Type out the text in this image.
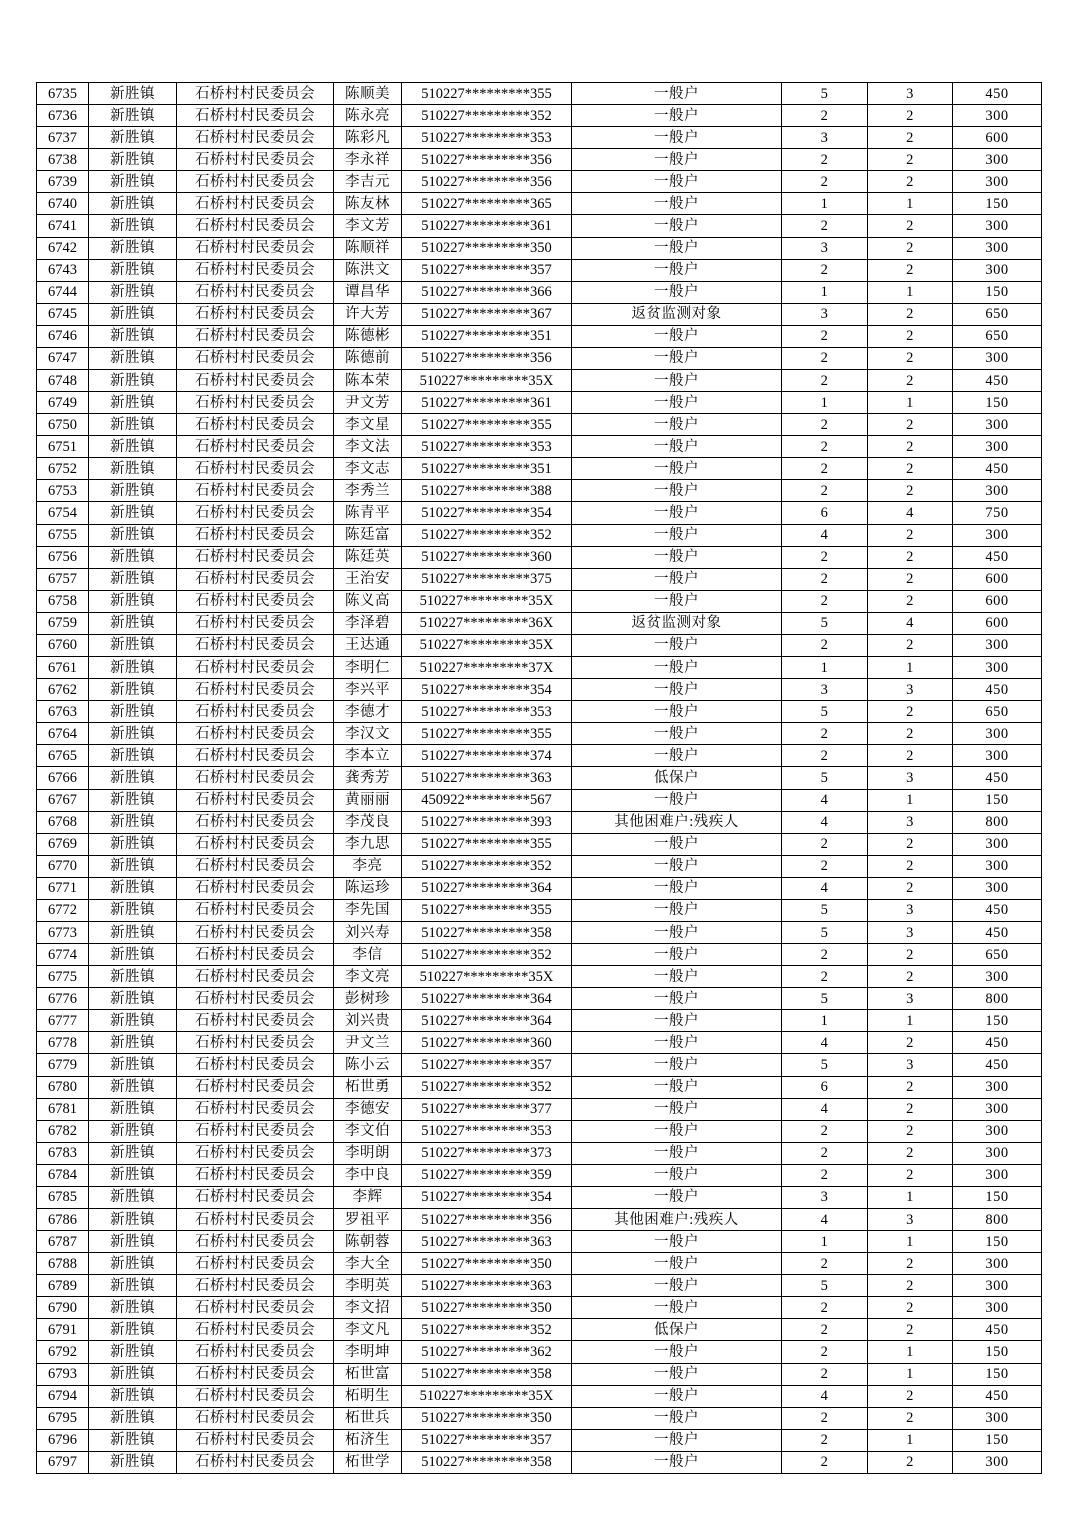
6735	新胜镇	石桥村村民委员会	陈顺美	510227*********355	一般户	5	3	450
6736	新胜镇	石桥村村民委员会	陈永亮	510227*********352	一般户	2	2	300
6737	新胜镇	石桥村村民委员会	陈彩凡	510227*********353	一般户	3	2	600
6738	新胜镇	石桥村村民委员会	李永祥	510227*********356	一般户	2	2	300
6739	新胜镇	石桥村村民委员会	李吉元	510227*********356	一般户	2	2	300
6740	新胜镇	石桥村村民委员会	陈友林	510227*********365	一般户	1	1	150
6741	新胜镇	石桥村村民委员会	李文芳	510227*********361	一般户	2	2	300
6742	新胜镇	石桥村村民委员会	陈顺祥	510227*********350	一般户	3	2	300
6743	新胜镇	石桥村村民委员会	陈洪文	510227*********357	一般户	2	2	300
6744	新胜镇	石桥村村民委员会	谭昌华	510227*********366	一般户	1	1	150
6745	新胜镇	石桥村村民委员会	许大芳	510227*********367	返贫监测对象	3	2	650
6746	新胜镇	石桥村村民委员会	陈德彬	510227*********351	一般户	2	2	650
6747	新胜镇	石桥村村民委员会	陈德前	510227*********356	一般户	2	2	300
6748	新胜镇	石桥村村民委员会	陈本荣	510227*********35X	一般户	2	2	450
6749	新胜镇	石桥村村民委员会	尹文芳	510227*********361	一般户	1	1	150
6750	新胜镇	石桥村村民委员会	李文星	510227*********355	一般户	2	2	300
6751	新胜镇	石桥村村民委员会	李文法	510227*********353	一般户	2	2	300
6752	新胜镇	石桥村村民委员会	李文志	510227*********351	一般户	2	2	450
6753	新胜镇	石桥村村民委员会	李秀兰	510227*********388	一般户	2	2	300
6754	新胜镇	石桥村村民委员会	陈青平	510227*********354	一般户	6	4	750
6755	新胜镇	石桥村村民委员会	陈廷富	510227*********352	一般户	4	2	300
6756	新胜镇	石桥村村民委员会	陈廷英	510227*********360	一般户	2	2	450
6757	新胜镇	石桥村村民委员会	王治安	510227*********375	一般户	2	2	600
6758	新胜镇	石桥村村民委员会	陈义高	510227*********35X	一般户	2	2	600
6759	新胜镇	石桥村村民委员会	李泽碧	510227*********36X	返贫监测对象	5	4	600
6760	新胜镇	石桥村村民委员会	王达通	510227*********35X	一般户	2	2	300
6761	新胜镇	石桥村村民委员会	李明仁	510227*********37X	一般户	1	1	300
6762	新胜镇	石桥村村民委员会	李兴平	510227*********354	一般户	3	3	450
6763	新胜镇	石桥村村民委员会	李德才	510227*********353	一般户	5	2	650
6764	新胜镇	石桥村村民委员会	李汉文	510227*********355	一般户	2	2	300
6765	新胜镇	石桥村村民委员会	李本立	510227*********374	一般户	2	2	300
6766	新胜镇	石桥村村民委员会	龚秀芳	510227*********363	低保户	5	3	450
6767	新胜镇	石桥村村民委员会	黄丽丽	450922*********567	一般户	4	1	150
6768	新胜镇	石桥村村民委员会	李茂良	510227*********393	其他困难户:残疾人	4	3	800
6769	新胜镇	石桥村村民委员会	李九思	510227*********355	一般户	2	2	300
6770	新胜镇	石桥村村民委员会	李亮	510227*********352	一般户	2	2	300
6771	新胜镇	石桥村村民委员会	陈运珍	510227*********364	一般户	4	2	300
6772	新胜镇	石桥村村民委员会	李先国	510227*********355	一般户	5	3	450
6773	新胜镇	石桥村村民委员会	刘兴寿	510227*********358	一般户	5	3	450
6774	新胜镇	石桥村村民委员会	李信	510227*********352	一般户	2	2	650
6775	新胜镇	石桥村村民委员会	李文亮	510227*********35X	一般户	2	2	300
6776	新胜镇	石桥村村民委员会	彭树珍	510227*********364	一般户	5	3	800
6777	新胜镇	石桥村村民委员会	刘兴贵	510227*********364	一般户	1	1	150
6778	新胜镇	石桥村村民委员会	尹文兰	510227*********360	一般户	4	2	450
6779	新胜镇	石桥村村民委员会	陈小云	510227*********357	一般户	5	3	450
6780	新胜镇	石桥村村民委员会	柘世勇	510227*********352	一般户	6	2	300
6781	新胜镇	石桥村村民委员会	李德安	510227*********377	一般户	4	2	300
6782	新胜镇	石桥村村民委员会	李文伯	510227*********353	一般户	2	2	300
6783	新胜镇	石桥村村民委员会	李明朗	510227*********373	一般户	2	2	300
6784	新胜镇	石桥村村民委员会	李中良	510227*********359	一般户	2	2	300
6785	新胜镇	石桥村村民委员会	李辉	510227*********354	一般户	3	1	150
6786	新胜镇	石桥村村民委员会	罗祖平	510227*********356	其他困难户:残疾人	4	3	800
6787	新胜镇	石桥村村民委员会	陈朝蓉	510227*********363	一般户	1	1	150
6788	新胜镇	石桥村村民委员会	李大全	510227*********350	一般户	2	2	300
6789	新胜镇	石桥村村民委员会	李明英	510227*********363	一般户	5	2	300
6790	新胜镇	石桥村村民委员会	李文招	510227*********350	一般户	2	2	300
6791	新胜镇	石桥村村民委员会	李文凡	510227*********352	低保户	2	2	450
6792	新胜镇	石桥村村民委员会	李明坤	510227*********362	一般户	2	1	150
6793	新胜镇	石桥村村民委员会	柘世富	510227*********358	一般户	2	1	150
6794	新胜镇	石桥村村民委员会	柘明生	510227*********35X	一般户	4	2	450
6795	新胜镇	石桥村村民委员会	柘世兵	510227*********350	一般户	2	2	300
6796	新胜镇	石桥村村民委员会	柘济生	510227*********357	一般户	2	1	150
6797	新胜镇	石桥村村民委员会	柘世学	510227*********358	一般户	2	2	300
